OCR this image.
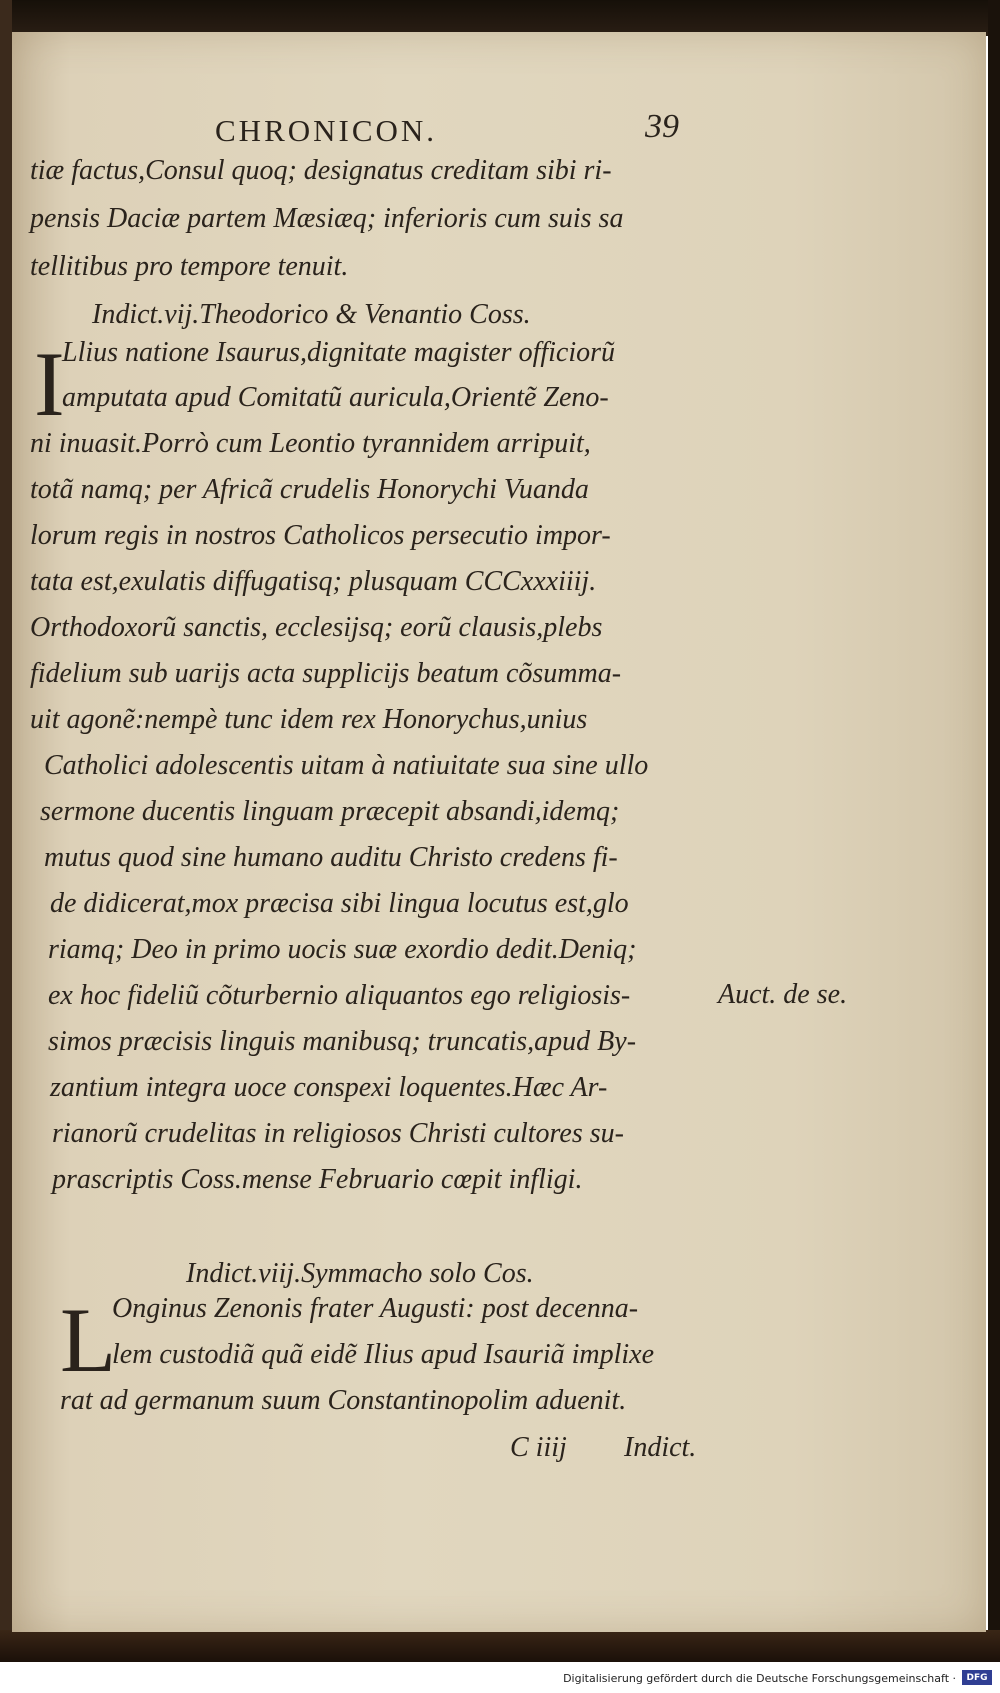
CHRONICON.	39
tiæ factus,Consul quoq; designatus creditam sibi ri-
pensis Daciæ partem Mæsiæq; inferioris cum suis sa
tellitibus pro tempore tenuit.
Indict.vij.Theodorico & Venantio Coss.
I
Llius natione Isaurus,dignitate magister officiorũ
amputata apud Comitatũ auricula,Orientẽ Zeno-
ni inuasit.Porrò cum Leontio tyrannidem arripuit,
totã namq; per Africã crudelis Honorychi Vuanda
lorum regis in nostros Catholicos persecutio impor-
tata est,exulatis diffugatisq; plusquam CCCxxxiiij.
Orthodoxorũ sanctis, ecclesijsq; eorũ clausis,plebs
fidelium sub uarijs acta supplicijs beatum cõsumma-
uit agonẽ:nempè tunc idem rex Honorychus,unius
Catholici adolescentis uitam à natiuitate sua sine ullo
sermone ducentis linguam præcepit absandi,idemq;
mutus quod sine humano auditu Christo credens fi-
de didicerat,mox præcisa sibi lingua locutus est,glo
riamq; Deo in primo uocis suæ exordio dedit.Deniq;
ex hoc fideliũ cõturbernio aliquantos ego religiosis-
simos præcisis linguis manibusq; truncatis,apud By-
zantium integra uoce conspexi loquentes.Hæc Ar-
rianorũ crudelitas in religiosos Christi cultores su-
prascriptis Coss.mense Februario cœpit infligi.
Indict.viij.Symmacho solo Cos.
L
Onginus Zenonis frater Augusti: post decenna-
lem custodiã quã eidẽ Ilius apud Isauriã implixe
rat ad germanum suum Constantinopolim aduenit.
C iiij Indict.
Auct. de se.
Digitalisierung gefördert durch die Deutsche Forschungsgemeinschaft ·	DFG
